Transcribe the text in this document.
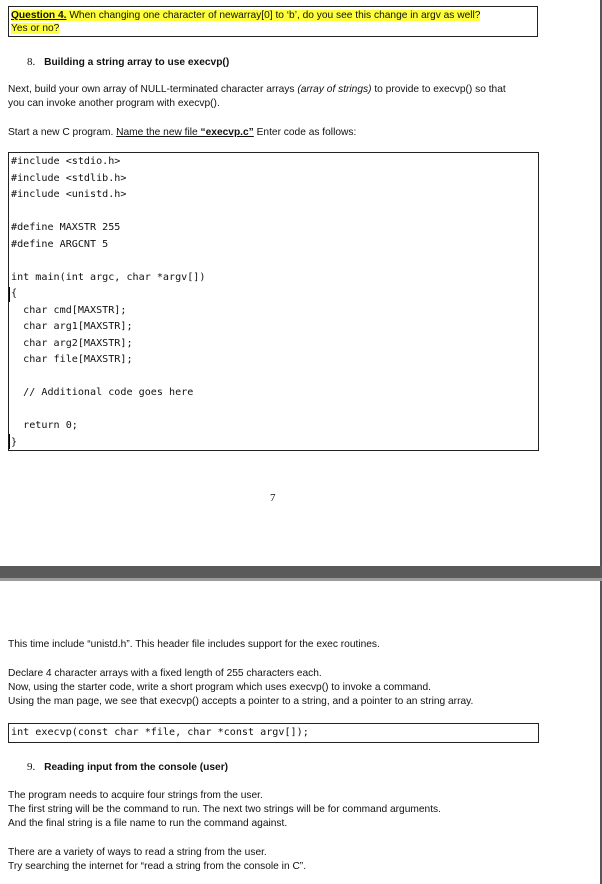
Question 4. When changing one character of newarray[0] to ‘b’, do you see this change in argv as well?
Yes or no?
8. Building a string array to use execvp()
Next, build your own array of NULL-terminated character arrays (array of strings) to provide to execvp() so that
you can invoke another program with execvp().
Start a new C program. Name the new file “execvp.c” Enter code as follows:
#include <stdio.h>
#include <stdlib.h>
#include <unistd.h>
#define MAXSTR 255
#define ARGCNT 5
int main(int argc, char *argv[])
{
char cmd[MAXSTR];
char arg1[MAXSTR];
char arg2[MAXSTR];
char file[MAXSTR];
// Additional code goes here
return 0;
}
7
This time include “unistd.h”. This header file includes support for the exec routines.
Declare 4 character arrays with a fixed length of 255 characters each.
Now, using the starter code, write a short program which uses execvp() to invoke a command.
Using the man page, we see that execvp() accepts a pointer to a string, and a pointer to an string array.
int execvp(const char *file, char *const argv[]);
9. Reading input from the console (user)
The program needs to acquire four strings from the user.
The first string will be the command to run. The next two strings will be for command arguments.
And the final string is a file name to run the command against.
There are a variety of ways to read a string from the user.
Try searching the internet for “read a string from the console in C”.
